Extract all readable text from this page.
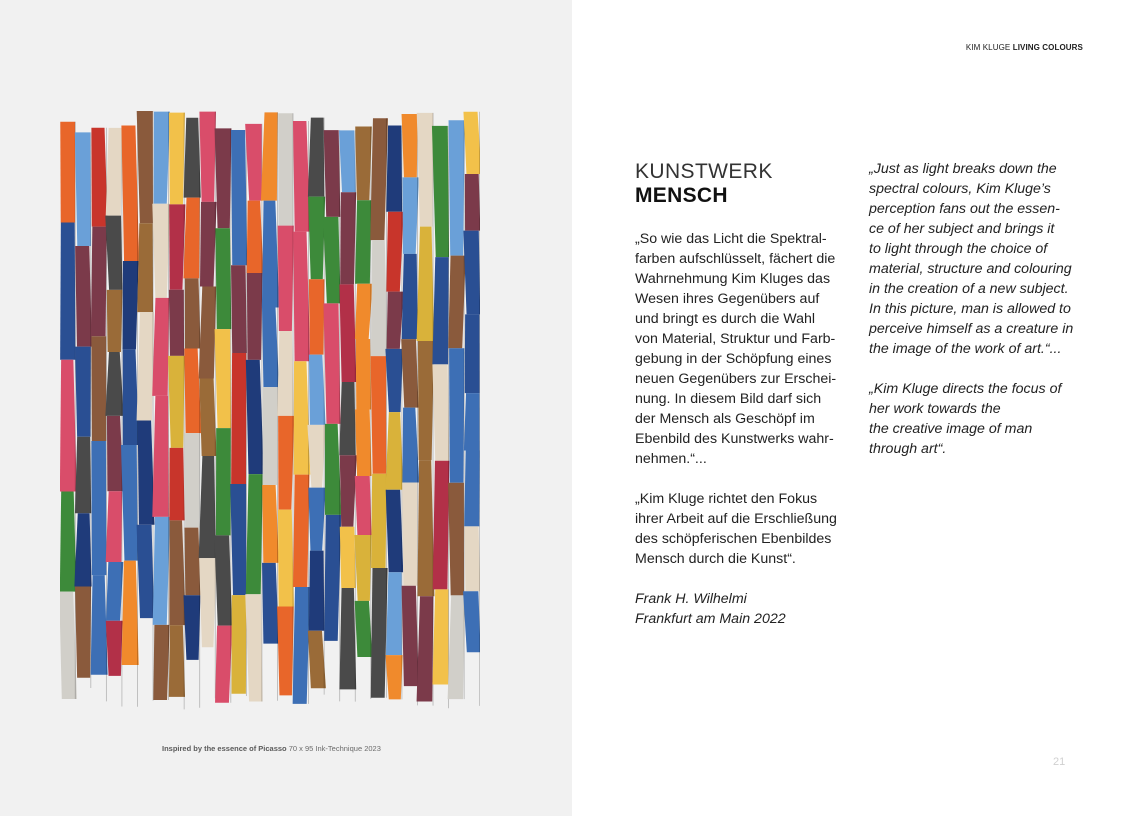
Inspired by the essence of Picasso 70 x 95 Ink-Technique 2023
KIM KLUGE LIVING COLOURS
KUNSTWERK
MENSCH
„So wie das Licht die Spektral-
farben aufschlüsselt, fächert die
Wahrnehmung Kim Kluges das
Wesen ihres Gegenübers auf
und bringt es durch die Wahl
von Material, Struktur und Farb-
gebung in der Schöpfung eines
neuen Gegenübers zur Erschei-
nung. In diesem Bild darf sich
der Mensch als Geschöpf im
Ebenbild des Kunstwerks wahr-
nehmen.“...
„Kim Kluge richtet den Fokus
ihrer Arbeit auf die Erschließung
des schöpferischen Ebenbildes
Mensch durch die Kunst“.
Frank H. Wilhelmi
Frankfurt am Main 2022
„Just as light breaks down the
spectral colours, Kim Kluge’s
perception fans out the essen-
ce of her subject and brings it
to light through the choice of
material, structure and colouring
in the creation of a new subject.
In this picture, man is allowed to
perceive himself as a creature in
the image of the work of art.“...
„Kim Kluge directs the focus of
her work towards the
the creative image of man
through art“.
21
